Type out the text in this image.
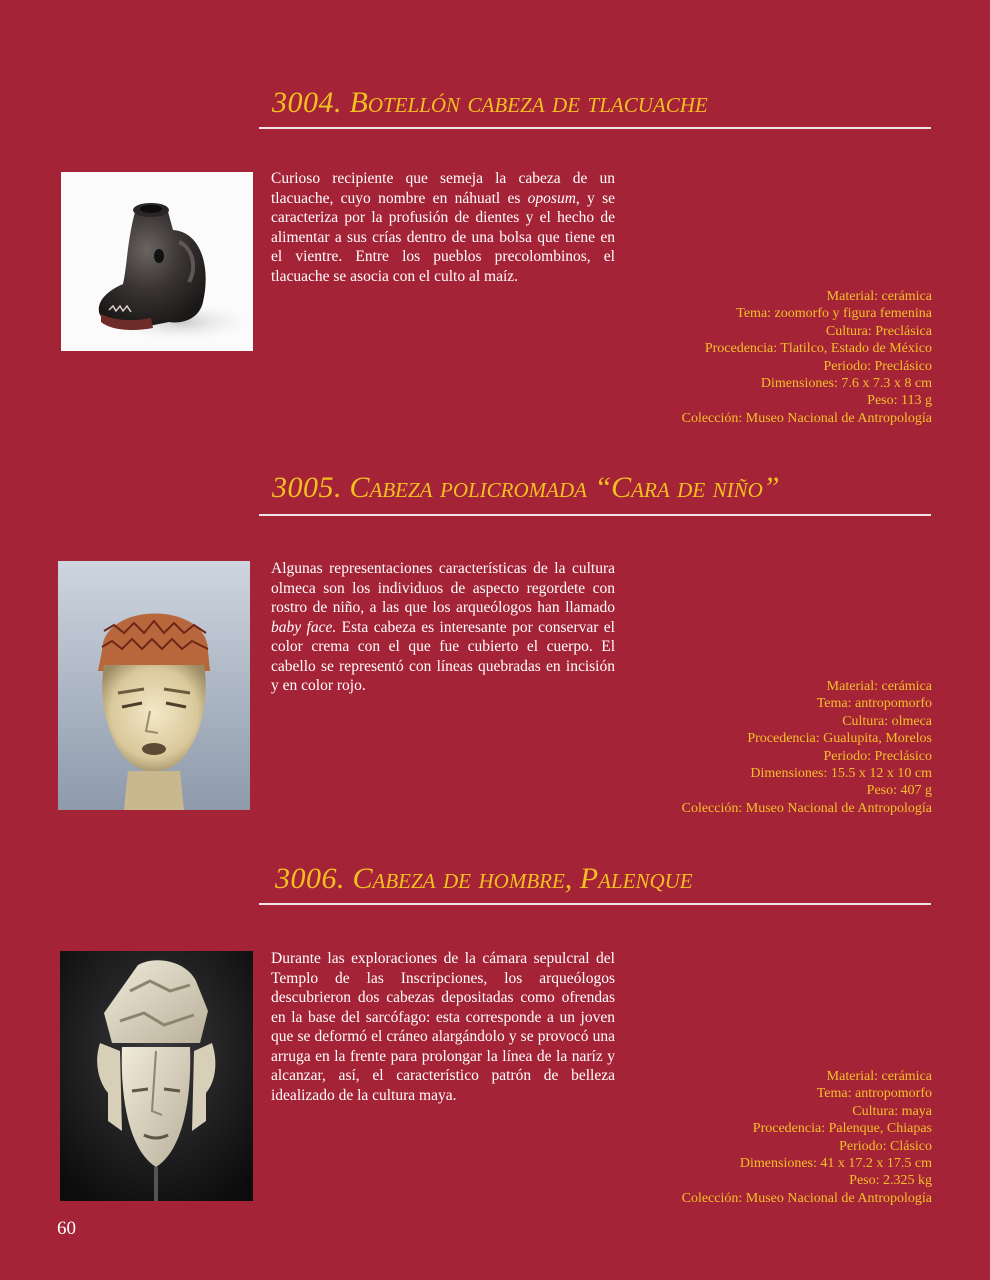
3004. Botellón cabeza de tlacuache

Curioso recipiente que semeja la cabeza de un tlacuache, cuyo nombre en náhuatl es oposum, y se caracteriza por la profusión de dientes y el hecho de alimentar a sus crías dentro de una bolsa que tiene en el vientre. Entre los pueblos precolombinos, el tlacuache se asocia con el culto al maíz.

Material: cerámica
Tema: zoomorfo y figura femenina
Cultura: Preclásica
Procedencia: Tlatilco, Estado de México
Periodo: Preclásico
Dimensiones: 7.6 x 7.3 x 8 cm
Peso: 113 g
Colección: Museo Nacional de Antropología
3005. Cabeza policromada “Cara de niño”

Algunas representaciones características de la cultura olmeca son los individuos de aspecto regordete con rostro de niño, a las que los arqueólogos han llamado baby face. Esta cabeza es interesante por conservar el color crema con el que fue cubierto el cuerpo. El cabello se representó con líneas quebradas en incisión y en color rojo.	Material: cerámica
Tema: antropomorfo
Cultura: olmeca
Procedencia: Gualupita, Morelos
Periodo: Preclásico
Dimensiones: 15.5 x 12 x 10 cm
Peso: 407 g
Colección: Museo Nacional de Antropología
3006. Cabeza de hombre, Palenque

Durante las exploraciones de la cámara sepulcral del Templo de las Inscripciones, los arqueólogos descubrieron dos cabezas depositadas como ofrendas en la base del sarcófago: esta corresponde a un joven que se deformó el cráneo alargándolo y se provocó una arruga en la frente para prolongar la línea de la naríz y alcanzar, así, el característico patrón de belleza idealizado de la cultura maya.

Material: cerámica
Tema: antropomorfo
Cultura: maya
Procedencia: Palenque, Chiapas
Periodo: Clásico
Dimensiones: 41 x 17.2 x 17.5 cm
Peso: 2.325 kg
Colección: Museo Nacional de Antropología
60
